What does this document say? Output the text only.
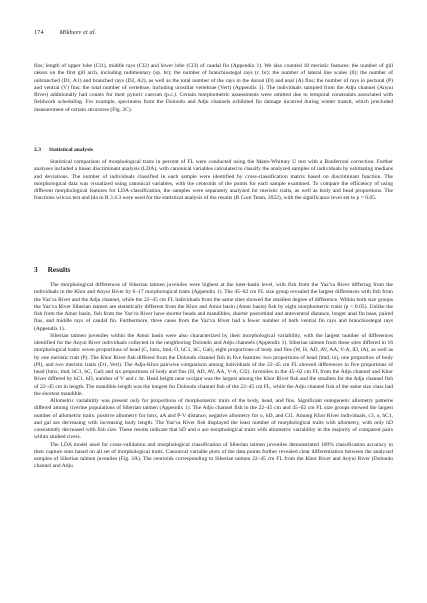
174 Mikheev et al.

fins; length of upper lobe (Cl1), middle rays (Cl2) and lower lobe (Cl3) of caudal fin (Appendix 1). We also counted 10 meristic features: the number of gill rakers on the first gill arch, including rudimentary (sp. br); the number of branchiostegal rays (r. br); the number of lateral line scales (ll); the number of unbranched (D1, A1) and branched rays (D2, A2), as well as the total number of the rays in the dorsal (D) and anal (A) fins; the number of rays in pectoral (P) and ventral (V) fins; the total number of vertebrae, including urostilar vertebrae (Vert) (Appendix 1). The individuals sampled from the Adju channel (Anyui River) additionally had counts for their pyloric caecum (p.c.). Certain morphometric assessments were omitted due to temporal constraints associated with fieldwork scheduling. For example, specimens from the Dolondo and Adju channels exhibited fin damage incurred during winter transit, which precluded measurement of certain structures (Fig. 2C).

2.3 Statistical analysis

Statistical comparison of morphological traits in percent of FL were conducted using the Mann-Whitney U test with a Bonferroni correction. Further analyses included a linear discriminant analysis (LDA), with canonical variables calculated to classify the analyzed samples of individuals by estimating medians and deviations. The number of individuals classified in each sample were identified by cross-classification matrix based on discriminant function. The morphological data was visualized using canonical variables, with the centroids of the points for each sample examined. To compare the efficiency of using different morphological features for LDA-classification, the samples were separately analyzed for meristic traits, as well as body and head proportions. The functions wilcox.test and lda in R 3.4.3 were used for the statistical analysis of the results (R Core Team, 2022), with the significance level set to p = 0.05.

3 Results

The morphological differences of Siberian taimen juveniles were highest at the inter-basin level, with fish from the Yaz'va River differing from the individuals in the Khor and Anyui River by 6–17 morphological traits (Appendix 1). The 45–62 cm FL size group revealed the largest differences with fish from the Yaz'va River and the Adju channel, while the 22–45 cm FL individuals from the same sites showed the smallest degree of difference. Within both size groups the Yaz'va River Siberian taimen are statistically different from the Khor and Amur basin (Amur basin) fish by eight morphometric traits (p < 0.05). Unlike the fish from the Amur basin, fish from the Yaz'va River have shorter heads and mandibles, shorter postorbital and anteventral distance, longer anal fin base, paired fins, and middle rays of caudal fin. Furthermore, three cases from the Yaz'va River had a fewer number of both ventral fin rays and branchiostegal rays (Appendix 1).

Siberian taimen juveniles within the Amur basin were also characterized by their morphological variability, with the largest number of differences identified for the Anyui River individuals collected in the neighboring Dolondo and Adju channels (Appendix 1). Siberian taimen from these sites differed in 16 morphological traits: seven proportions of head (C, hmx, lmd, O, hC1, hC, Gal), eight proportions of body and fins (W, H, AD, AV, AA, V-A, lD, lA), as well as by one meristic trait (P). The Khor River fish differed from the Dolondo channel fish in five features: two proportions of head (lmd, io), one proportion of body (Pl), and two meristic traits (D1, Vert). The Adju-Khor pairwise comparison among individuals of the 22–45 cm FL showed differences in five proportions of head (hmx, lmd, hC1, hC, Gal) and six proportions of body and fins (H, AD, AV, AA, V-A, Cl2). Juveniles in the 45–62 cm FL from the Adju channel and Khor River differed by hC1, hD, number of V and r. br. Head height near occiput was the largest among the Khor River fish and the smallest for the Adju channel fish of 22–45 cm in length. The mandible length was the longest for Dolondo channel fish of the 22–45 cm FL, while the Adju channel fish of the same size class had the shortest mandible.

Allometric variability was present only for proportions of morphometric traits of the body, head, and fins. Significant ontogenetic allometry patterns differed among riverine populations of Siberian taimen (Appendix 1). The Adju channel fish in the 22–45 cm and 45–62 cm FL size groups showed the largest number of allometric traits: positive allometry for hmx, aA and P-V distance, negative allometry for o, hD, and Cl1. Among Khor River individuals, c3, o, hC1, and gal are decreasing with increasing body length. The Yaz'va River fish displayed the least number of morphological traits with allometry, with only hD consistently decreased with fish size. These results indicate that hD and o are morphological traits with allometric variability in the majority of compared pairs within studied rivers.

The LDA model used for cross-validation and morphological classification of Siberian taimen juveniles demonstrated 100% classification accuracy to their capture sites based on all set of morphological traits. Canonical variable plots of the data points further revealed clear differentiation between the analyzed samples of Siberian taimen juveniles (Fig. 3A). The centroids corresponding to Siberian taimen 22–45 cm FL from the Khor River and Anyui River (Dolondo channel and Adju
